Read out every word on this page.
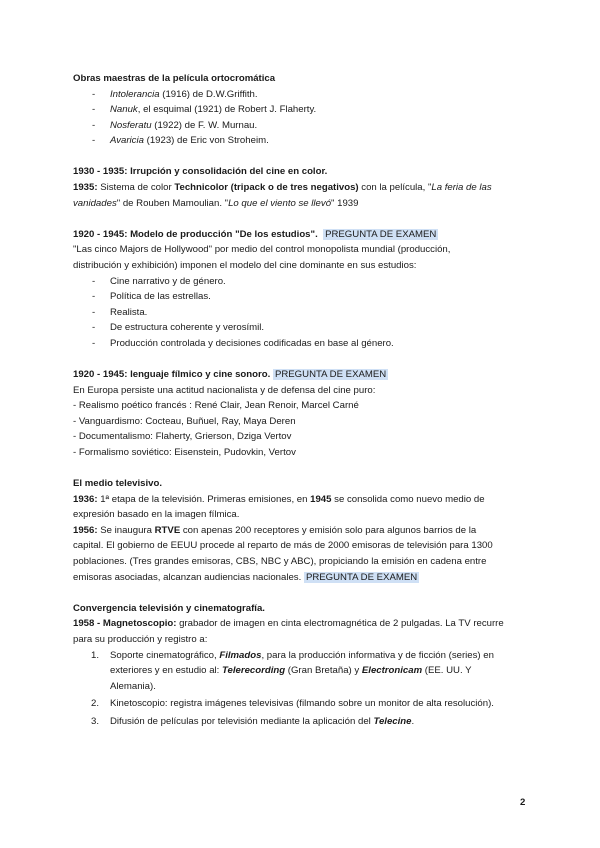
Obras maestras de la película ortocromática
- Intolerancia (1916) de D.W.Griffith.
- Nanuk, el esquimal (1921) de Robert J. Flaherty.
- Nosferatu (1922) de F. W. Murnau.
- Avaricia (1923) de Eric von Stroheim.
1930 - 1935: Irrupción y consolidación del cine en color.
1935: Sistema de color Technicolor (tripack o de tres negativos) con la película, "La feria de las
vanidades" de Rouben Mamoulian. "Lo que el viento se llevó" 1939
1920 - 1945: Modelo de producción "De los estudios". PREGUNTA DE EXAMEN
"Las cinco Majors de Hollywood" por medio del control monopolista mundial (producción,
distribución y exhibición) imponen el modelo del cine dominante en sus estudios:
- Cine narrativo y de género.
- Política de las estrellas.
- Realista.
- De estructura coherente y verosímil.
- Producción controlada y decisiones codificadas en base al género.
1920 - 1945: lenguaje fílmico y cine sonoro. PREGUNTA DE EXAMEN
En Europa persiste una actitud nacionalista y de defensa del cine puro:
- Realismo poético francés : René Clair, Jean Renoir, Marcel Carné
- Vanguardismo: Cocteau, Buñuel, Ray, Maya Deren
- Documentalismo: Flaherty, Grierson, Dziga Vertov
- Formalismo soviético: Eisenstein, Pudovkin, Vertov
El medio televisivo.
1936: 1ª etapa de la televisión. Primeras emisiones, en 1945 se consolida como nuevo medio de
expresión basado en la imagen fílmica.
1956: Se inaugura RTVE con apenas 200 receptores y emisión solo para algunos barrios de la
capital. El gobierno de EEUU procede al reparto de más de 2000 emisoras de televisión para 1300
poblaciones. (Tres grandes emisoras, CBS, NBC y ABC), propiciando la emisión en cadena entre
emisoras asociadas, alcanzan audiencias nacionales. PREGUNTA DE EXAMEN
Convergencia televisión y cinematografía.
1958 - Magnetoscopio: grabador de imagen en cinta electromagnética de 2 pulgadas. La TV recurre
para su producción y registro a:
1. Soporte cinematográfico, Filmados, para la producción informativa y de ficción (series) en
exteriores y en estudio al: Telerecording (Gran Bretaña) y Electronicam (EE. UU. Y
Alemania).
2. Kinetoscopio: registra imágenes televisivas (filmando sobre un monitor de alta resolución).
3. Difusión de películas por televisión mediante la aplicación del Telecine.
2
